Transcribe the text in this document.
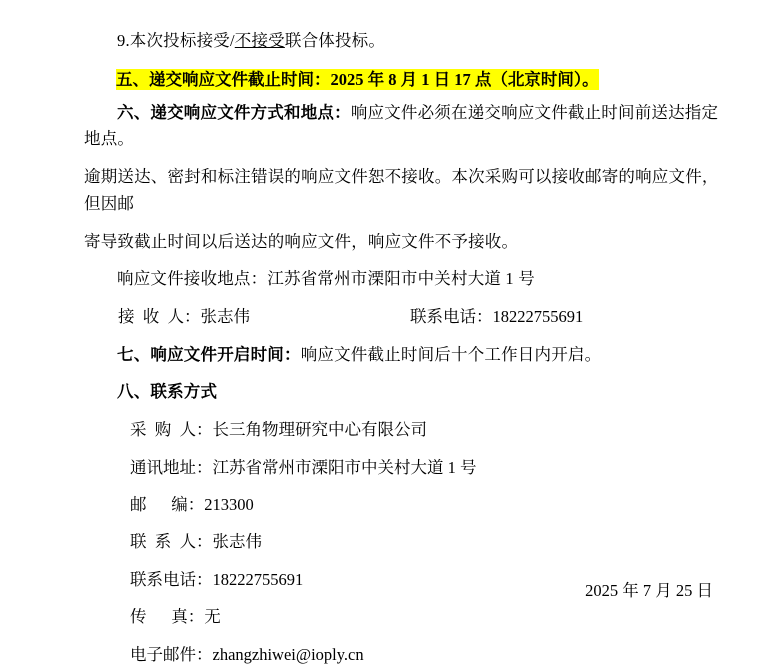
9.本次投标接受/不接受联合体投标。

五、递交响应文件截止时间：2025 年 8 月 1 日 17 点（北京时间）。

六、递交响应文件方式和地点：响应文件必须在递交响应文件截止时间前送达指定地点。

逾期送达、密封和标注错误的响应文件恕不接收。本次采购可以接收邮寄的响应文件，但因邮

寄导致截止时间以后送达的响应文件，响应文件不予接收。

响应文件接收地点：江苏省常州市溧阳市中关村大道 1 号

接  收  人：张志伟	联系电话：18222755691

七、响应文件开启时间：响应文件截止时间后十个工作日内开启。

八、联系方式

采  购  人：长三角物理研究中心有限公司

通讯地址：江苏省常州市溧阳市中关村大道 1 号

邮      编：213300

联  系  人：张志伟

联系电话：18222755691

传      真：无

电子邮件：zhangzhiwei@ioply.cn

2025 年 7 月 25 日
